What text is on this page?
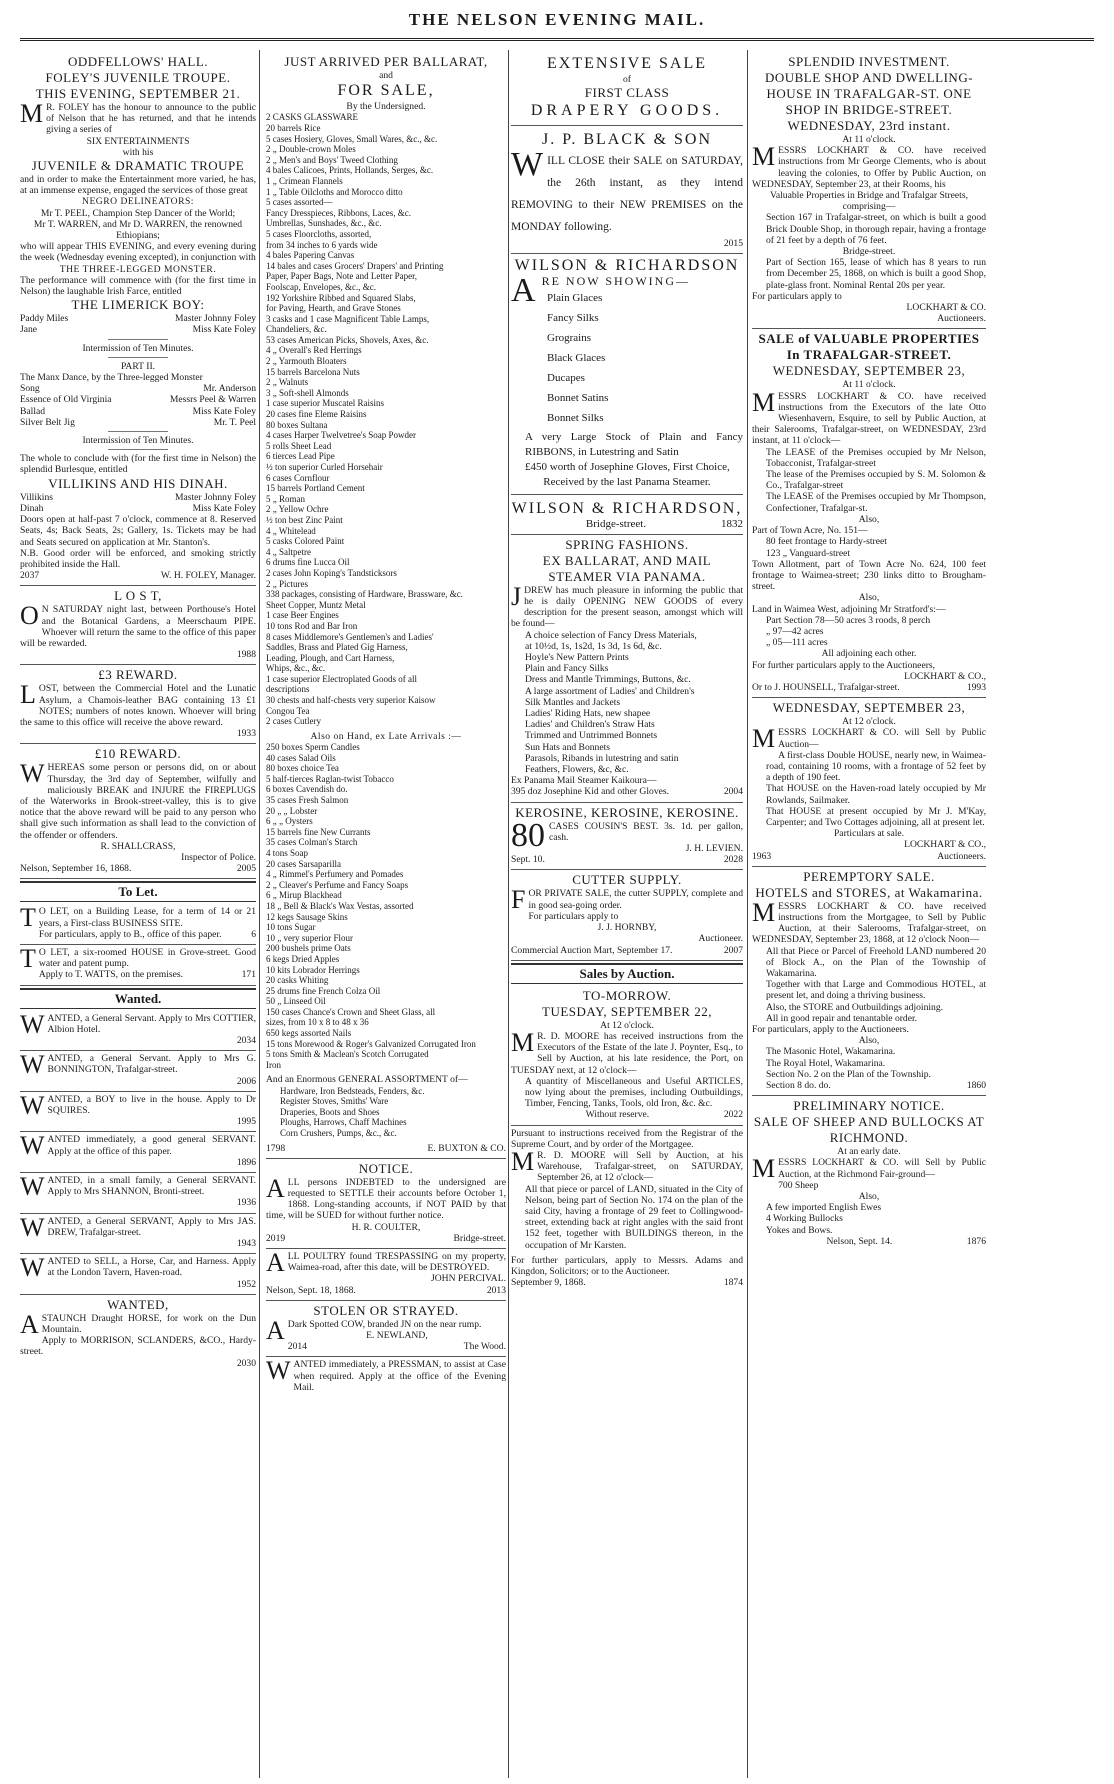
THE NELSON EVENING MAIL.
ODDFELLOWS' HALL.
FOLEY'S JUVENILE TROUPE.
THIS EVENING, SEPTEMBER 21.
M R. FOLEY has the honour to announce to the public of Nelson that he has returned, and that he intends giving a series of
SIX ENTERTAINMENTS
with his
JUVENILE & DRAMATIC TROUPE
and in order to make the Entertainment more varied, he has, at an immense expense, engaged the services of those great
NEGRO DELINEATORS:
Mr T. PEEL, Champion Step Dancer of the World;
Mr T. WARREN, and Mr D. WARREN, the renowned Ethiopians;
who will appear THIS EVENING, and every evening during the week (Wednesday evening excepted), in conjunction with
THE THREE-LEGGED MONSTER.
The performance will commence with (for the first time in Nelson) the laughable Irish Farce, entitled
THE LIMERICK BOY:
Paddy Miles	Master Johnny Foley
Jane	Miss Kate Foley
Intermission of Ten Minutes.
PART II.
The Manx Dance, by the Three-legged Monster
Song	Mr. Anderson
Essence of Old Virginia	Messrs Peel & Warren
Ballad	Miss Kate Foley
Silver Belt Jig	Mr. T. Peel
Intermission of Ten Minutes.
The whole to conclude with (for the first time in Nelson) the splendid Burlesque, entitled
VILLIKINS AND HIS DINAH.
Villikins	Master Johnny Foley
Dinah	Miss Kate Foley
Doors open at half-past 7 o'clock, commence at 8. Reserved Seats, 4s; Back Seats, 2s; Gallery, 1s. Tickets may be had and Seats secured on application at Mr. Stanton's.
N.B. Good order will be enforced, and smoking strictly prohibited inside the Hall.
2037	W. H. FOLEY, Manager.
L O S T,
O N SATURDAY night last, between Porthouse's Hotel and the Botanical Gardens, a Meerschaum PIPE. Whoever will return the same to the office of this paper will be rewarded.
1988
£3 REWARD.
LOST, between the Commercial Hotel and the Lunatic Asylum, a Chamois-leather BAG containing 13 £1 NOTES; numbers of notes known. Whoever will bring the same to this office will receive the above reward.
1933
£10 REWARD.
WHEREAS some person or persons did, on or about Thursday, the 3rd day of September, wilfully and maliciously BREAK and INJURE the FIREPLUGS of the Waterworks in Brook-street-valley, this is to give notice that the above reward will be paid to any person who shall give such information as shall lead to the conviction of the offender or offenders.
R. SHALLCRASS,
Inspector of Police.
Nelson, September 16, 1868.	2005
To Let.
T O LET, on a Building Lease, for a term of 14 or 21 years, a First-class BUSINESS SITE.
For particulars, apply to B., office of this paper.	6
T O LET, a six-roomed HOUSE in Grove-street. Good water and patent pump.
Apply to T. WATTS, on the premises.	171
Wanted.
WANTED, a General Servant. Apply to Mrs COTTIER, Albion Hotel.
2034
WANTED, a General Servant. Apply to Mrs G. BONNINGTON, Trafalgar-street.
2006
WANTED, a BOY to live in the house. Apply to Dr SQUIRES.
1995
WANTED immediately, a good general SERVANT. Apply at the office of this paper.
1896
WANTED, in a small family, a General SERVANT. Apply to Mrs SHANNON, Bronti-street.
1936
WANTED, a General SERVANT, Apply to Mrs JAS. DREW, Trafalgar-street.
1943
WANTED to SELL, a Horse, Car, and Harness. Apply at the London Tavern, Haven-road.
1952
WANTED,
ASTAUNCH Draught HORSE, for work on the Dun Mountain.
Apply to MORRISON, SCLANDERS, &CO., Hardy-street.
2030
JUST ARRIVED PER BALLARAT,
and
FOR SALE,
By the Undersigned.
2 CASKS GLASSWARE
20 barrels Rice
5 cases Hosiery, Gloves, Small Wares, &c., &c.
2 „ Double-crown Moles
2 „ Men's and Boys' Tweed Clothing
4 bales Calicoes, Prints, Hollands, Serges, &c.
1 „ Crimean Flannels
1 „ Table Oilcloths and Morocco ditto
5 cases assorted—
Fancy Dresspieces, Ribbons, Laces, &c.
Umbrellas, Sunshades, &c., &c.
5 cases Floorcloths, assorted,
from 34 inches to 6 yards wide
4 bales Papering Canvas
14 bales and cases Grocers' Drapers' and Printing
Paper, Paper Bags, Note and Letter Paper,
Foolscap, Envelopes, &c., &c.
192 Yorkshire Ribbed and Squared Slabs,
for Paving, Hearth, and Grave Stones
3 casks and 1 case Magnificent Table Lamps,
Chandeliers, &c.
53 cases American Picks, Shovels, Axes, &c.
4 „ Overall's Red Herrings
2 „ Yarmouth Bloaters
15 barrels Barcelona Nuts
2 „ Walnuts
3 „ Soft-shell Almonds
1 case superior Muscatel Raisins
20 cases fine Eleme Raisins
80 boxes Sultana
4 cases Harper Twelvetree's Soap Powder
5 rolls Sheet Lead
6 tierces Lead Pipe
½ ton superior Curled Horsehair
6 cases Cornflour
15 barrels Portland Cement
5 „ Roman
2 „ Yellow Ochre
½ ton best Zinc Paint
4 „ Whitelead
5 casks Colored Paint
4 „ Saltpetre
6 drums fine Lucca Oil
2 cases John Koping's Tandsticksors
2 „ Pictures
338 packages, consisting of Hardware, Brassware, &c.
Sheet Copper, Muntz Metal
1 case Beer Engines
10 tons Rod and Bar Iron
8 cases Middlemore's Gentlemen's and Ladies'
Saddles, Brass and Plated Gig Harness,
Leading, Plough, and Cart Harness,
Whips, &c., &c.
1 case superior Electroplated Goods of all
descriptions
30 chests and half-chests very superior Kaisow
Congou Tea
2 cases Cutlery
Also on Hand, ex Late Arrivals :—
250 boxes Sperm Candles
40 cases Salad Oils
80 boxes choice Tea
5 half-tierces Raglan-twist Tobacco
6 boxes Cavendish do.
35 cases Fresh Salmon
20 „ „ Lobster
6 „ „ Oysters
15 barrels fine New Currants
35 cases Colman's Starch
4 tons Soap
20 cases Sarsaparilla
4 „ Rimmel's Perfumery and Pomades
2 „ Cleaver's Perfume and Fancy Soaps
6 „ Mirup Blackhead
18 „ Bell & Black's Wax Vestas, assorted
12 kegs Sausage Skins
10 tons Sugar
10 „ very superior Flour
200 bushels prime Oats
6 kegs Dried Apples
10 kits Lobrador Herrings
20 casks Whiting
25 drums fine French Colza Oil
50 „ Linseed Oil
150 cases Chance's Crown and Sheet Glass, all
sizes, from 10 x 8 to 48 x 36
650 kegs assorted Nails
15 tons Morewood & Roger's Galvanized Corrugated Iron
5 tons Smith & Maclean's Scotch Corrugated
Iron
And an Enormous GENERAL ASSORTMENT of—
Hardware, Iron Bedsteads, Fenders, &c.
Register Stoves, Smiths' Ware
Draperies, Boots and Shoes
Ploughs, Harrows, Chaff Machines
Corn Crushers, Pumps, &c., &c.
1798	E. BUXTON & CO.
NOTICE.
ALL persons INDEBTED to the undersigned are requested to SETTLE their accounts before October 1, 1868. Long-standing accounts, if NOT PAID by that time, will be SUED for without further notice.
H. R. COULTER,
2019	Bridge-street.
ALL POULTRY found TRESPASSING on my property, Waimea-road, after this date, will be DESTROYED.
JOHN PERCIVAL.
Nelson, Sept. 18, 1868.	2013
STOLEN OR STRAYED.
A Dark Spotted COW, branded JN on the near rump.
E. NEWLAND,
2014	The Wood.
WANTED immediately, a PRESSMAN, to assist at Case when required. Apply at the office of the Evening Mail.
EXTENSIVE SALE
of
FIRST CLASS
DRAPERY GOODS.
J. P. BLACK & SON
WILL CLOSE their SALE on SATURDAY, the 26th instant, as they intend REMOVING to their NEW PREMISES on the MONDAY following.
2015
WILSON & RICHARDSON
ARE NOW SHOWING—
Plain Glaces
Fancy Silks
Grograins
Black Glaces
Ducapes
Bonnet Satins
Bonnet Silks
A very Large Stock of Plain and Fancy RIBBONS, in Lutestring and Satin
£450 worth of Josephine Gloves, First Choice,
Received by the last Panama Steamer.
WILSON & RICHARDSON,
Bridge-street.	1832
SPRING FASHIONS.
EX BALLARAT, AND MAIL STEAMER VIA PANAMA.
JDREW has much pleasure in informing the public that he is daily OPENING NEW GOODS of every description for the present season, amongst which will be found—
A choice selection of Fancy Dress Materials,
at 10½d, 1s, 1s2d, 1s 3d, 1s 6d, &c.
Hoyle's New Pattern Prints
Plain and Fancy Silks
Dress and Mantle Trimmings, Buttons, &c.
A large assortment of Ladies' and Children's
Silk Mantles and Jackets
Ladies' Riding Hats, new shapee
Ladies' and Children's Straw Hats
Trimmed and Untrimmed Bonnets
Sun Hats and Bonnets
Parasols, Ribands in lutestring and satin
Feathers, Flowers, &c, &c.
Ex Panama Mail Steamer Kaikoura—
395 doz Josephine Kid and other Gloves.	2004
KEROSINE, KEROSINE, KEROSINE.
80 CASES COUSIN'S BEST. 3s. 1d. per gallon, cash.
J. H. LEVIEN.
Sept. 10.	2028
CUTTER SUPPLY.
FOR PRIVATE SALE, the cutter SUPPLY, complete and in good sea-going order.
For particulars apply to
J. J. HORNBY,
Auctioneer.
Commercial Auction Mart, September 17.	2007
Sales by Auction.
TO-MORROW.
TUESDAY, SEPTEMBER 22,
At 12 o'clock.
M R. D. MOORE has received instructions from the Executors of the Estate of the late J. Poynter, Esq., to Sell by Auction, at his late residence, the Port, on TUESDAY next, at 12 o'clock—
A quantity of Miscellaneous and Useful ARTICLES, now lying about the premises, including Outbuildings, Timber, Fencing, Tanks, Tools, old Iron, &c. &c.
Without reserve.	2022
Pursuant to instructions received from the Registrar of the Supreme Court, and by order of the Mortgagee.
M R. D. MOORE will Sell by Auction, at his Warehouse, Trafalgar-street, on SATURDAY, September 26, at 12 o'clock—
All that piece or parcel of LAND, situated in the City of Nelson, being part of Section No. 174 on the plan of the said City, having a frontage of 29 feet to Collingwood-street, extending back at right angles with the said front 152 feet, together with BUILDINGS thereon, in the occupation of Mr Karsten.
For further particulars, apply to Messrs. Adams and Kingdon, Solicitors; or to the Auctioneer.
September 9, 1868.	1874
SPLENDID INVESTMENT.
DOUBLE SHOP AND DWELLING-HOUSE IN TRAFALGAR-ST. ONE SHOP IN BRIDGE-STREET.
WEDNESDAY, 23rd instant.
At 11 o'clock.
MESSRS LOCKHART & CO. have received instructions from Mr George Clements, who is about leaving the colonies, to Offer by Public Auction, on WEDNESDAY, September 23, at their Rooms, his
Valuable Properties in Bridge and Trafalgar Streets, comprising—
Section 167 in Trafalgar-street, on which is built a good Brick Double Shop, in thorough repair, having a frontage of 21 feet by a depth of 76 feet.
Bridge-street.
Part of Section 165, lease of which has 8 years to run from December 25, 1868, on which is built a good Shop, plate-glass front. Nominal Rental 20s per year.
For particulars apply to
LOCKHART & CO.
Auctioneers.
SALE of VALUABLE PROPERTIES In TRAFALGAR-STREET.
WEDNESDAY, SEPTEMBER 23,
At 11 o'clock.
MESSRS LOCKHART & CO. have received instructions from the Executors of the late Otto Wiesenhavern, Esquire, to sell by Public Auction, at their Salerooms, Trafalgar-street, on WEDNESDAY, 23rd instant, at 11 o'clock—
The LEASE of the Premises occupied by Mr Nelson, Tobacconist, Trafalgar-street
The lease of the Premises occupied by S. M. Solomon & Co., Trafalgar-street
The LEASE of the Premises occupied by Mr Thompson, Confectioner, Trafalgar-st.
Also,
Part of Town Acre, No. 151—
80 feet frontage to Hardy-street
123 „ Vanguard-street
Town Allotment, part of Town Acre No. 624, 100 feet frontage to Waimea-street; 230 links ditto to Brougham-street.
Also,
Land in Waimea West, adjoining Mr Stratford's:—
Part Section 78—50 acres 3 roods, 8 perch
„ 97—42 acres
„ 05—111 acres
All adjoining each other.
For further particulars apply to the Auctioneers,
LOCKHART & CO.,
Or to J. HOUNSELL, Trafalgar-street.	1993
WEDNESDAY, SEPTEMBER 23,
At 12 o'clock.
MESSRS LOCKHART & CO. will Sell by Public Auction—
A first-class Double HOUSE, nearly new, in Waimea-road, containing 10 rooms, with a frontage of 52 feet by a depth of 190 feet.
That HOUSE on the Haven-road lately occupied by Mr Rowlands, Sailmaker.
That HOUSE at present occupied by Mr J. M'Kay, Carpenter; and Two Cottages adjoining, all at present let.
Particulars at sale.
LOCKHART & CO.,
1963	Auctioneers.
PEREMPTORY SALE.
HOTELS and STORES, at Wakamarina.
MESSRS LOCKHART & CO. have received instructions from the Mortgagee, to Sell by Public Auction, at their Salerooms, Trafalgar-street, on WEDNESDAY, September 23, 1868, at 12 o'clock Noon—
All that Piece or Parcel of Freehold LAND numbered 20 of Block A., on the Plan of the Township of Wakamarina.
Together with that Large and Commodious HOTEL, at present let, and doing a thriving business.
Also, the STORE and Outbuildings adjoining.
All in good repair and tenantable order.
For particulars, apply to the Auctioneers.
Also,
The Masonic Hotel, Wakamarina.
The Royal Hotel, Wakamarina.
Section No. 2 on the Plan of the Township.
Section 8 do. do.	1860
PRELIMINARY NOTICE.
SALE OF SHEEP AND BULLOCKS AT RICHMOND.
At an early date.
MESSRS LOCKHART & CO. will Sell by Public Auction, at the Richmond Fair-ground—
700 Sheep
Also,
A few imported English Ewes
4 Working Bullocks
Yokes and Bows.
Nelson, Sept. 14.	1876
